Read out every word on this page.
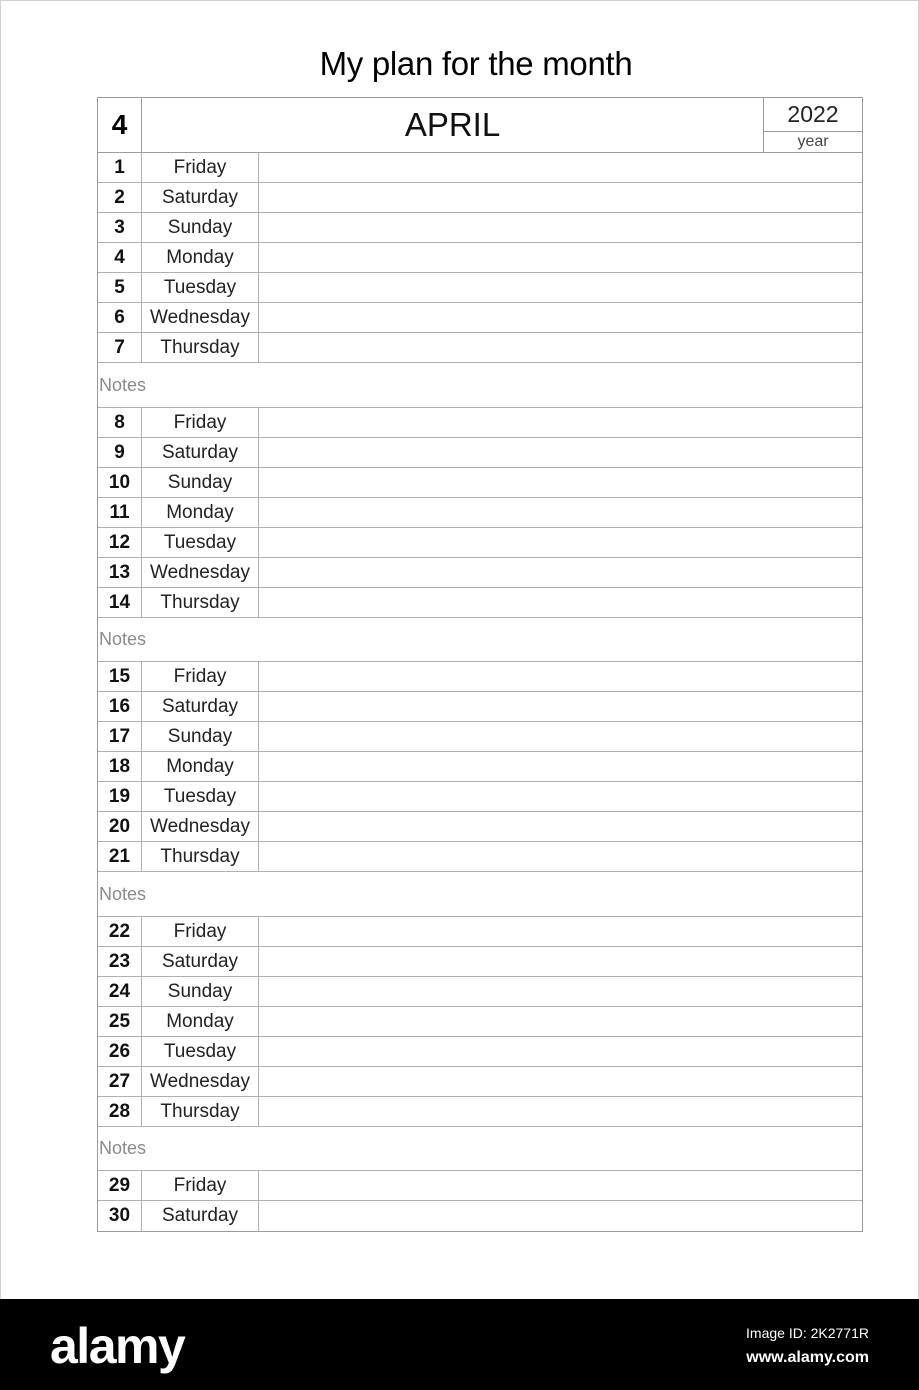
My plan for the month
4	APRIL	2022
year
1	Friday
2	Saturday
3	Sunday
4	Monday
5	Tuesday
6	Wednesday
7	Thursday
Notes
8	Friday
9	Saturday
10	Sunday
11	Monday
12	Tuesday
13	Wednesday
14	Thursday
Notes
15	Friday
16	Saturday
17	Sunday
18	Monday
19	Tuesday
20	Wednesday
21	Thursday
Notes
22	Friday
23	Saturday
24	Sunday
25	Monday
26	Tuesday
27	Wednesday
28	Thursday
Notes
29	Friday
30	Saturday
alamy	Image ID: 2K2771R
www.alamy.com
